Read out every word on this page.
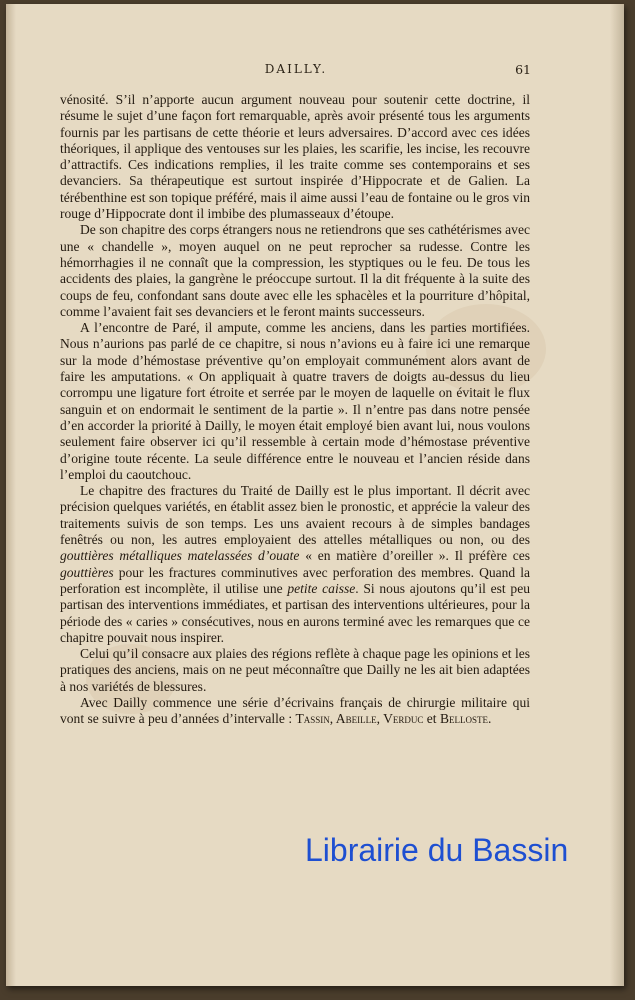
DAILLY.	61

vénosité. S’il n’apporte aucun argument nouveau pour soutenir cette doctrine, il résume le sujet d’une façon fort remarquable, après avoir présenté tous les arguments fournis par les partisans de cette théorie et leurs adversaires. D’accord avec ces idées théoriques, il applique des ventouses sur les plaies, les scarifie, les incise, les recouvre d’attractifs. Ces indications remplies, il les traite comme ses contemporains et ses devanciers. Sa thérapeutique est surtout inspirée d’Hippocrate et de Galien. La térébenthine est son topique préféré, mais il aime aussi l’eau de fontaine ou le gros vin rouge d’Hippocrate dont il imbibe des plumasseaux d’étoupe.

De son chapitre des corps étrangers nous ne retiendrons que ses cathétérismes avec une « chandelle », moyen auquel on ne peut reprocher sa rudesse. Contre les hémorrhagies il ne connaît que la compression, les styptiques ou le feu. De tous les accidents des plaies, la gangrène le préoccupe surtout. Il la dit fréquente à la suite des coups de feu, confondant sans doute avec elle les sphacèles et la pourriture d’hôpital, comme l’avaient fait ses devanciers et le feront maints successeurs.

A l’encontre de Paré, il ampute, comme les anciens, dans les parties mortifiées. Nous n’aurions pas parlé de ce chapitre, si nous n’avions eu à faire ici une remarque sur la mode d’hémostase préventive qu’on employait communément alors avant de faire les amputations. « On appliquait à quatre travers de doigts au-dessus du lieu corrompu une ligature fort étroite et serrée par le moyen de laquelle on évitait le flux sanguin et on endormait le sentiment de la partie ». Il n’entre pas dans notre pensée d’en accorder la priorité à Dailly, le moyen était employé bien avant lui, nous voulons seulement faire observer ici qu’il ressemble à certain mode d’hémostase préventive d’origine toute récente. La seule différence entre le nouveau et l’ancien réside dans l’emploi du caoutchouc.

Le chapitre des fractures du Traité de Dailly est le plus important. Il décrit avec précision quelques variétés, en établit assez bien le pronostic, et apprécie la valeur des traitements suivis de son temps. Les uns avaient recours à de simples bandages fenêtrés ou non, les autres employaient des attelles métalliques ou non, ou des gouttières métalliques matelassées d’ouate « en matière d’oreiller ». Il préfère ces gouttières pour les fractures comminutives avec perforation des membres. Quand la perforation est incomplète, il utilise une petite caisse. Si nous ajoutons qu’il est peu partisan des interventions immédiates, et partisan des interventions ultérieures, pour la période des « caries » consécutives, nous en aurons terminé avec les remarques que ce chapitre pouvait nous inspirer.

Celui qu’il consacre aux plaies des régions reflète à chaque page les opinions et les pratiques des anciens, mais on ne peut méconnaître que Dailly ne les ait bien adaptées à nos variétés de blessures.

Avec Dailly commence une série d’écrivains français de chirurgie militaire qui vont se suivre à peu d’années d’intervalle : Tassin, Abeille, Verduc et Belloste.

Librairie du Bassin
